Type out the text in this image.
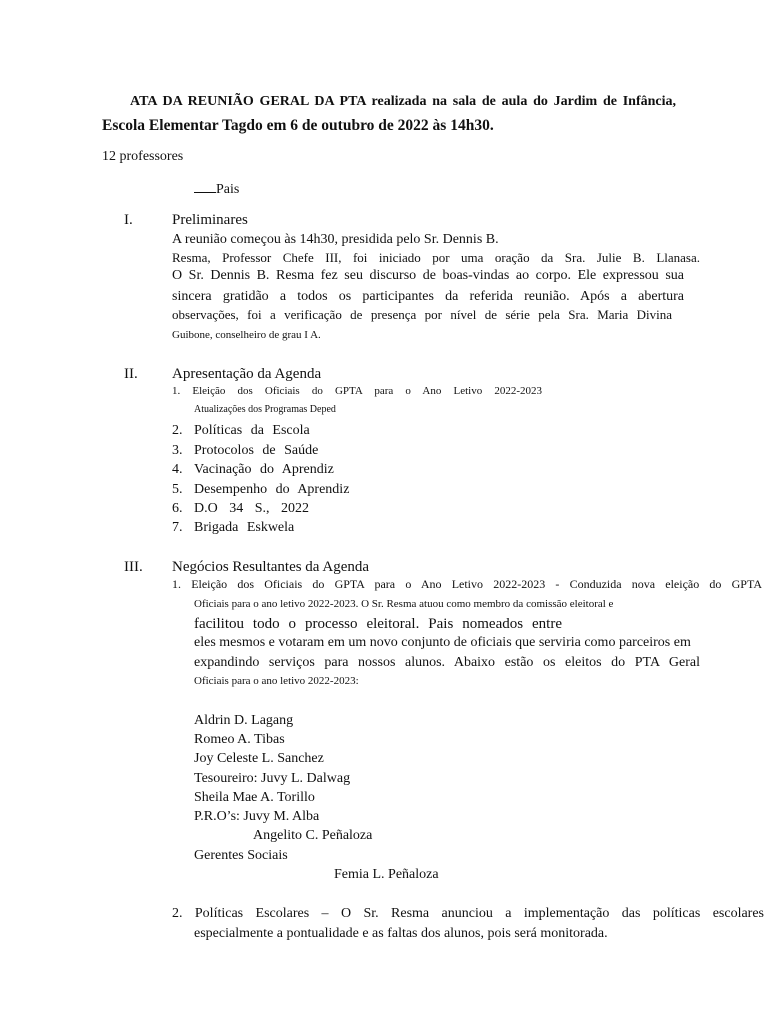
ATA DA REUNIÃO GERAL DA PTA realizada na sala de aula do Jardim de Infância,
Escola Elementar Tagdo em 6 de outubro de 2022 às 14h30.
12 professores
Pais
I.	Preliminares
A reunião começou às 14h30, presidida pelo Sr. Dennis B.
Resma, Professor Chefe III, foi iniciado por uma oração da Sra. Julie B. Llanasa.
O Sr. Dennis B. Resma fez seu discurso de boas-vindas ao corpo. Ele expressou sua
sincera gratidão a todos os participantes da referida reunião. Após a abertura
observações, foi a verificação de presença por nível de série pela Sra. Maria Divina
Guibone, conselheiro de grau I A.
II. Apresentação da Agenda
1. Eleição dos Oficiais do GPTA para o Ano Letivo 2022-2023
Atualizações dos Programas Deped
2. Políticas da Escola
3. Protocolos de Saúde
4. Vacinação do Aprendiz
5. Desempenho do Aprendiz
6. D.O 34 S., 2022
7. Brigada Eskwela
III. Negócios Resultantes da Agenda
1. Eleição dos Oficiais do GPTA para o Ano Letivo 2022-2023 - Conduzida nova eleição do GPTA
Oficiais para o ano letivo 2022-2023. O Sr. Resma atuou como membro da comissão eleitoral e
facilitou todo o processo eleitoral. Pais nomeados entre
eles mesmos e votaram em um novo conjunto de oficiais que serviria como parceiros em
expandindo serviços para nossos alunos. Abaixo estão os eleitos do PTA Geral
Oficiais para o ano letivo 2022-2023:
Aldrin D. Lagang
Romeo A. Tibas
Joy Celeste L. Sanchez
Tesoureiro: Juvy L. Dalwag
Sheila Mae A. Torillo
P.R.O’s: Juvy M. Alba
Angelito C. Peñaloza
Gerentes Sociais
Femia L. Peñaloza
2. Políticas Escolares – O Sr. Resma anunciou a implementação das políticas escolares
especialmente a pontualidade e as faltas dos alunos, pois será monitorada.
